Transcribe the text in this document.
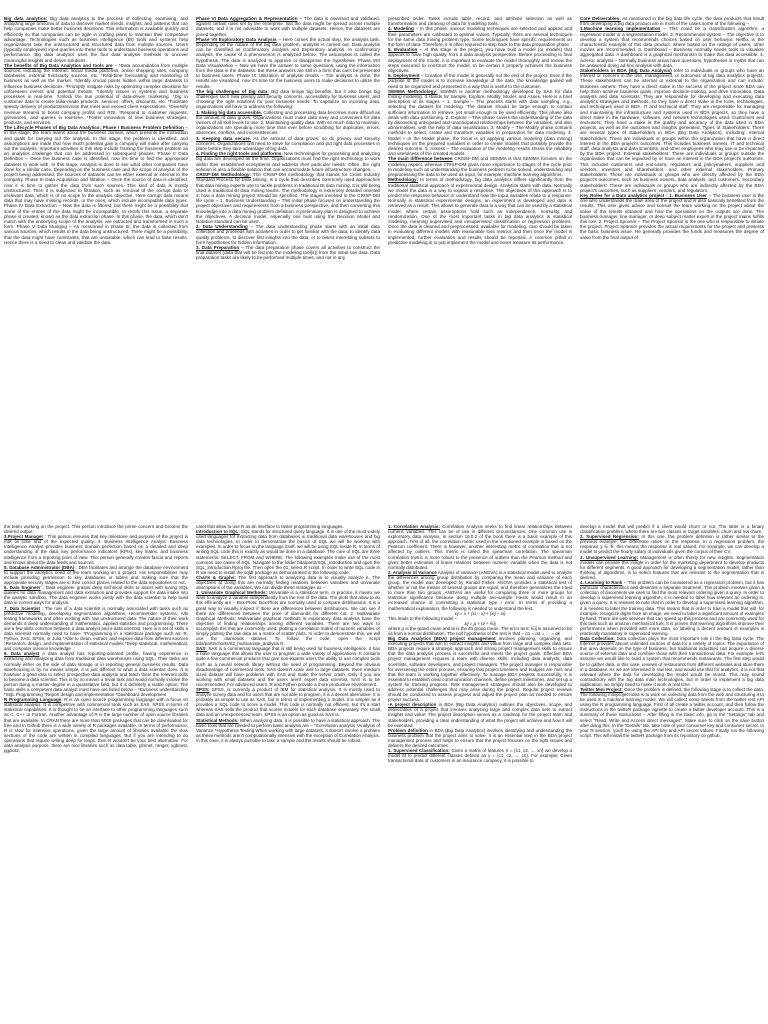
Big data analytics: Big data analytics is the process of collecting, examining, and analyzing large amounts of data to discover market trends, insights, and patterns that can help companies make better business decisions. This information is available quickly and efficiently so that companies can be agile in crafting plans to maintain their competitive advantage. Technologies such as business intelligence (BI) tools and systems help organizations take the unstructured and structured data from multiple sources. Users (typically employees) input queries into these tools to understand business operations and performance. Big data analytics uses the four data analysis methods to uncover meaningful insights and derive solutions.

The benefits of Big Data Analytics and tools are – *Data accumulation from multiple sources, including the Internet, social media platforms, online shopping sites, company databases, external third-party sources, etc. *Real-time forecasting and monitoring of business as well as the market. *Identify crucial points hidden within large datasets to influence business decisions. *Promptly mitigate risks by optimizing complex decisions for unforeseen events and potential threats. *Identify issues in systems and business processes in real-time. *Unlock the true potential of data-driven marketing. *Dig in customer data to create tailor-made products, services, offers, discounts, etc. *Facilitate speedy delivery of products/services that meet and exceed client expectations. *Diversify revenue streams to boost company profits and ROI. *Respond to customer requests, grievances, and queries in real-time. *Foster innovation of new business strategies, products, and services.

The Lifecycle Phases of Big Data Analytics: Phase I Business Problem Definition – In this stage, the team learns about the business domain, which presents the motivation and goals for carrying out the analysis. In this stage, the problem is identified, and assumptions are made that how much potential gain a company will make after carrying out the analysis. Important activities in this step include framing the business problem as an analytics challenge that can be addressed in subsequent phases. Phase II Data Definition – Once the business case is identified, now it's time to find the appropriate datasets to work with. In this stage, analysis is done to see what other companies have done for a similar case. Depending on the business case and the scope of analysis of the project being addressed, the sources of datasets can be either external or internal to the company. Phase III Data Acquisition and filtration – Once the source of data is identified, now it is time to gather the data from such sources. This kind of data is mostly unstructured. Then it is subjected to filtration, such as removal of the corrupt data or irrelevant data, which is of no scope to the analysis objective. Here corrupt data means data that may have missing records, or the ones, which include incompatible data types. Phase IV Data Extraction – Now the data is filtered, but there might be a possibility that some of the entries of the data might be incompatible, to rectify this issue, a separate phase is created, known as the data extraction phase. In this phase, the data, which don't match with the underlying scope of the analysis, are extracted and transformed in such a form. Phase V Data Munging – As mentioned in phase III, the data is collected from various sources, which results in the data being unstructured. There might be a possibility, that the data might have constraints, that are unsuitable, which can lead to false results. Hence there is a need to clean and validate the data.

Phase VI Data Aggregation & Representation – The data is cleansed and validated, against certain rules set by the enterprise. But the data might be spread across multiple datasets, and it is not advisable to work with multiple datasets. Hence, the datasets are joined together.

Phase VII Exploratory Data Analysis – Here comes the actual step, the analysis task. Depending on the nature of the big data problem, analysis is carried out. Data analysis can be classified as Confirmatory analysis and Exploratory analysis. In confirmatory analysis, the cause of a phenomenon is analyzed before. The assumption is called the hypothesis. The data is analyzed to approve or disapprove the hypothesis. Phase VIII Data Visualization – Now we have the answer to some questions, using the information from the data in the datasets. But these answers are still in a form that can't be presented to business users. Phase IX Utilization of analysis results – The analysis is done, the results are visualized, now it's time for the business users to make decisions to utilize the results.

The big challenges of big data: Big data brings big benefits, but it also brings big challenges such new privacy and security concerns, accessibility for business users, and choosing the right solutions for your business needs. To capitalize on incoming data, organizations will have to address the following:

1. Making big data accessible. Collecting and processing data becomes more difficult as the amount of data grows. Organizations must make data easy and convenient for data owners of all skill levels to use. 2. Maintaining quality data. With so much data to maintain, organizations are spending more time than ever before scrubbing for duplicates, errors, absences, conflicts, and inconsistencies.

3. Keeping data secure. As the amount of data grows, so do privacy and security concerns. Organizations will need to strive for compliance and put tight data processes in place before they take advantage of big data.

4. Finding the right tools and platforms. New technologies for processing and analyzing big data are developed all the time. Organizations must find the right technology to work within their established ecosystems and address their particular needs. Often, the right solution is also a flexible solution that can accommodate future infrastructure changes.

CRISP-DM Methodology: The CRISP-DM methodology that stands for Cross Industry Standard Process for Data Mining, is a cycle that describes commonly used approaches that data mining experts use to tackle problems in traditional BI data mining. It is still being used in traditional BI data mining teams. The methodology is extremely detailed oriented in how a data mining project should be specified. The stages involved in the CRISP-DM life cycle – 1. Business Understanding – This initial phase focuses on understanding the project objectives and requirements from a business perspective, and then converting this knowledge into a data mining problem definition. A preliminary plan is designed to achieve the objectives. A decision model, especially one built using the Decision Model and Notation standard can be used.

2. Data Understanding – The data understanding phase starts with an initial data collection and proceeds with activities in order to get familiar with the data, to identify data quality problems, to discover first insights into the data, or to detect interesting subsets to form hypotheses for hidden information.

3. Data Preparation – The data preparation phase covers all activities to construct the final dataset (data that will be fed into the modeling tool(s)) from the initial raw data. Data preparation tasks are likely to be performed multiple times, and not in any

prescribed order. Tasks include table, record, and attribute selection as well as transformation and cleaning of data for modeling tools.

4. Modeling – In this phase, various modeling techniques are selected and applied and their parameters are calibrated to optimal values. Typically, there are several techniques for the same data mining problem type. Some techniques have specific requirements on the form of data. Therefore, it is often required to step back to the data preparation phase.

5. Evaluation – At this stage in the project, you have built a model (or models) that appears to have high quality, from a data analysis perspective. Before proceeding to final deployment of the model, it is important to evaluate the model thoroughly and review the steps executed to construct the model, to be certain it properly achieves the business objectives.

6. Deployment – Creation of the model is generally not the end of the project. Even if the purpose of the model is to increase knowledge of the data, the knowledge gained will need to be organized and presented in a way that is useful to the customer.

SEMMA Methodology: SEMMA is another methodology developed by SAS for data mining modeling. It stands for Sample, Explore, Modify, Model, and Asses. Here is a brief description of its stages – 1. Sample – The process starts with data sampling, e.g., selecting the dataset for modeling. The dataset should be large enough to contain sufficient information to retrieve, yet small enough to be used efficiently. This phase also deals with data partitioning. 2. Explore – This phase covers the understanding of the data by discovering anticipated and unanticipated relationships between the variables, and also abnormalities, with the help of data visualization. 3. Modify – The Modify phase contains methods to select, create and transform variables in preparation for data modeling. 4. Model – In the Model phase, the focus is on applying various modeling (data mining) techniques on the prepared variables in order to create models that possibly provide the desired outcome. 5. Assess – The evaluation of the modeling results shows the reliability and usefulness of the created models.

The main difference between CRISM–DM and SEMMA is that SEMMA focuses on the modeling aspect, whereas CRISP-DM gives more importance to stages of the cycle prior to modeling such as understanding the business problem to be solved, understanding and preprocessing the data to be used as input, for example, machine learning algorithms.

Methodology: In terms of methodology, big data analytics differs significantly from the traditional statistical approach of experimental design. Analytics starts with data. Normally we model the data in a way to explain a response. The objectives of this approach is to predict the response behavior or understand how the input variables relate to a response. Normally in statistical experimental designs, an experiment is developed and data is retrieved as a result. This allows to generate data in a way that can be used by a statistical model, where certain assumptions hold such as independence, normality, and randomization. One of the most important tasks in big data analytics is statistical modeling, meaning supervised and unsupervised classification or regression problems. Once the data is cleaned and preprocessed, available for modeling, care should be taken in evaluating different models with reasonable loss metrics and then once the model is implemented, further evaluation and results should be reported. A common pitfall in predictive modeling is to just implement the model and never measure its performance.

Core Deliverables: As mentioned in the big data life cycle, the data products that result from developing a big data product are in most of the cases some of the following –

1.Machine learning implementation – This could be a classification algorithm, a regression model or a segmentation model. 2. Recommender system – The objective is to develop a system that recommends choices based on user behavior. Netflix is the characteristic example of this data product, where based on the ratings of users, other movies are recommended. 3. Dashboard – Business normally needs tools to visualize aggregated data. A dashboard is a graphical mechanism to make this data accessible. 4. Ad-Hoc analysis – Normally business areas have questions, hypotheses or myths that can be answered doing ad-hoc analysis with data.

Stakeholders in BDA (Big Data Analysis) refer to individuals or groups who have an interest or concern in the use, management, or outcomes of big data analytics projects. These stakeholders can be internal or external to the organization and can include: Business owners: They have a direct stake in the success of the project since BDA can help them achieve business goals, improve decision-making, and drive innovation. Data analysts and data scientists: They are responsible for developing and executing data analytics strategies and methods, so they have a direct stake in the tools, technologies, and techniques used in BDA. IT and technical staff: They are responsible for managing and maintaining the infrastructure and systems used in BDA projects, so they have a direct stake in the hardware, software, and network technologies used. Customers and end-users: They have a stake in the quality and accuracy of the data used in BDA projects, as well as the outcomes and insights generated. Types of Stakeholders: There are several types of stakeholders in BDA (Big Data Analytics), including: Internal stakeholders: These are individuals or groups within the organization that have a direct interest in the BDA project's outcomes. This includes business owners, IT and technical staff, data analysts and data scientists, and other employees who may use or be impacted by the BDA project. External stakeholders: These are individuals or groups outside the organization that can be impacted by or have an interest in the BDA project's outcomes. This includes customers and end-users, regulators and policymakers, suppliers and vendors, investors and shareholders, and other external stakeholders. Primary stakeholders: These are individuals or groups who are directly affected by the BDA project's outcomes, such as business owners, data analysts, and customers. Secondary stakeholders: These are individuals or groups who are indirectly affected by the BDA project's outcomes, such as suppliers, vendors, and regulators.

Key Roles for a Data analytics project : 1. Business User – The business user is the one who understands the main area of the project and is also basically benefited from the results. This user gives advice and consult the team working on the project about the value of the results obtained and how the operations on the outputs are done. The business manager, line manager, or deep subject matter expert in the project mains fulfills this role. 2. Project Sponsor – The Project Sponsor is the one who is responsible to initiate the project. Project Sponsor provides the actual requirements for the project and presents the basic business issue. He generally provides the funds and measures the degree of value from the final output of

the team working on the project. This person introduce the prime concern and brooms the desired output.

3.Project Manager : This person ensures that key milestone and purpose of the project is met on time and of the expected quality. 4. Business Intelligence Analyst: Business Intelligence Analyst provides business domain perfection based on a detailed and deep understanding of the data, key performance indicators (KPIs), key matrix, and business intelligence from a reporting point of view. This person generally creates fascia and reports and knows about the data feeds and sources.

5. Database Administrator (DBA) : DBA facilitates and arrange the database environment to support the analytics need of the team working on a project. His responsibilities may include providing permission to key databases or tables and making sure that the appropriate security stages are in their correct places related to the data repositories or not.

6. Data Engineer : Data engineer grasps deep technical skills to assist with tuning SQL queries for data management and data extraction and provides support for data intake into the analytic sandbox. The data engineer works jointly with the data scientist to help build data in correct ways for analysis.

7. Data Scientist : The role of a data scientist is normally associated with tasks such as predictive modeling, developing segmentation algorithms, recommender systems, A/B testing frameworks and often working with raw unstructured data. The nature of their work demands a deep understanding of mathematics, applied statistics and programming. There are a few skills common between a data analyst and a data scientist. Here is a set of skills a data scientist normally need to have- *Programming in a statistical package such as: R, Python, SAS, SPSS, or Julia *Able to clean, extract, and explore data from different sources *Research, design, and implementation of statistical models *Deep statistical, mathematical, and computer science knowledge

8. Data analyst A data analyst has reporting-oriented profile, having experience in extracting and analyzing data from traditional data warehouses using SQL. Their tasks are normally either on the side of data storage or in reporting general business results. Data warehousing is by no means simple, it is just different to what a data scientist does. It is however a good idea to select prospective data analysts and teach them the relevant skills to become a data scientist. This is by no means a trivial task and would normally involve the person doing a master degree in a quantitative field, but it is definitely a viable option. The basic skills a competent data analyst must have are listed below − *Business understanding *SQL Programming *Report design and implementation *Dashboard development

R Programming Language: R is an open source programming language with a focus on statistical analysis. It is competitive with commercial tools such as SAS, SPSS in terms of statistical capabilities. It is thought to be an interface to other programming languages such as C, C++ or Fortran. Another advantage of R is the large number of open source libraries that are available. In CRAN there are more than 6000 packages that can be downloaded for free and in Github there is a wide variety of R packages available. In terms of performance, R is slow for intensive operations, given the large amount of libraries available the slow sections of the code are written in compiled languages. But if you are intending to do operations that require writing deep for loops, then R wouldn't be your best alternative. For data analysis purpose, there are nice libraries such as data.table, glmnet, ranger, xgboost, ggplot2,

caret that allow to use R as an interface to faster programming languages.

Introduction to SQL: SQL stands for structured query language. It is one of the most widely used languages for extracting data from databases in traditional data warehouses and big data technologies. In order to demonstrate the basics of SQL we will be working with examples. In order to focus on the language itself, we will be using SQL inside R. In terms of writing SQL code this is exactly as would be done in a database. The core of SQL are three statements: SELECT, FROM and WHERE. The following examples make use of the most common use cases of SQL. Navigate to the folder bda/part2/SQL_introduction and open the SQL_introduction.Rproj file. Then open the 01_select.R script. In order to write SQL code in R we need to install the sqldf package as demonstrated in the following code.

Charts & Graphs: The first approach to analyzing data is to visually analyze it. The objectives at doing this are normally finding relations between variables and univariate descriptions of the variables. We can divide these strategies as −

1. Univariate Graphical Methods: Univariate is a statistical term. In practice, it means we want to analyze a variable independently from the rest of the data. The plots that allow to do this efficiently are − Box-Plots: Box-Plots are normally used to compare distributions. It is a great way to visually inspect if there are differences between distributions. We can see if there are differences between the price of diamonds for different cut. 2. Multivariate Graphical Methods: Multivariate graphical methods in exploratory data analysis have the objective of finding relationships among different variables. There are two ways to accomplish this that are commonly used: plotting a correlation matrix of numeric variables or simply plotting the raw data as a matrix of scatter plots. In order to demonstrate this, we will use the diamonds dataset. To follow the code, open the script bda/part2/charts/03_multivariate_analysis.R.

SAS: SAS is a commercial language that is still being used for business intelligence. It has a base language that allows the user to program a wide variety of applications. It contains quite a few commercial products that give non-experts users the ability to use complex tools such as a neural network library without the need of programming. Beyond the obvious disadvantage of commercial tools, SAS doesn't scale well to large datasets. Even medium sized dataset will have problems with SAS and make the server crash. Only if you are working with small datasets and the users aren't expert data scientist, SAS is to be recommended. For advanced users, R and Python provide a more productive environment.

SPSS: SPSS, is currently a product of IBM for statistical analysis. It is mostly used to analyze survey data and for users that are not able to program, it is a decent alternative. It is probably as simple to use as SAS, but in terms of implementing a model, it is simpler as it provides a SQL code to score a model. This code is normally not efficient, but it's a start whereas SAS sells the product that scores models for each database separately. For small data and an unexperienced team, SPSS is an option as good as SAS is.

Statistical Methods: When analyzing data, it is possible to have a statistical approach. The basic tools that are needed to perform basic analysis are − *Correlation analysis *Analysis of Variance *Hypothesis Testing When working with large datasets, it doesn't involve a problem as these methods aren't computationally intensive with the exception of Correlation Analysis. In this case, it is always possible to take a sample and the results should be robust.

1. Correlation Analysis: Correlation Analysis seeks to find linear relationships between numeric variables. This can be of use in different circumstances. One common use is exploratory data analysis, in section 16.0.2 of the book there is a basic example of this approach. First of all, the correlation metric used in the mentioned example is based on the Pearson coefficient. There is however, another interesting metric of correlation that is not affected by outliers. This metric is called the spearman correlation. The spearman correlation metric is more robust to the presence of outliers than the Pearson method and gives better estimates of linear relations between numeric variable when the data is not normally distributed.

2. Analysis of Variance Analysis of variance (ANOVA) is a statistical model used to analyze the differences among group distribution by comparing the mean and variance of each group, the model was developed by Ronald Fisher. ANOVA provides a statistical test of whether or not the means of several groups are equal, and therefore generalizes the t-test to more than two groups. ANOVAs are useful for comparing three or more groups for statistical significance because doing multiple two-sample t-tests would result in an increased chance of committing a statistical type I error. In terms of providing a mathematical explanation, the following is needed to understand the test.

xij = x + (xi − x) + (xij − xi)

This leads to the following model −

xij = μ + αi + ∈ij

where μ is the grand mean and αi is the ith group mean. The error term ∈ij is assumed to be iid from a normal distribution. The null hypothesis of the test is that − α1 = α2 = … = αk

Big Data Analytics (BDA) project management involves planning, organizing, and executing projects that aim to extract insights and value from large and complex data sets. BDA projects require a strategic approach and strong project management skills to ensure that the data analysis process is successful and meets the project goals. Effective BDA project management requires a team with diverse skills, including data analysts, data scientists, software developers, and project managers. The project manager is responsible for overseeing the entire process, ensuring that project timelines and budgets are met, and that the team is working together effectively. To manage BDA projects successfully, it is essential to establish clear communication channels, define project milestones, and set up a system for tracking progress. Risk management strategies should also be developed to address potential challenges that may arise during the project. Regular project reviews should be conducted to assess progress and adjust the project plan as needed to ensure project success.

-A project description in BDA (Big Data Analytics) outlines the objectives, scope, and deliverables of a project that involves analyzing large and complex data sets to extract insights and value. The project description serves as a roadmap for the project team and stakeholders, providing a clear understanding of what the project will achieve and how it will be executed.

Problem definition in BDA (Big Data Analytics) involves identifying and understanding the business problem that the project aims to solve. It is an essential step in the BDA project management process and helps to ensure that the project focuses on the right issues and delivers the desired outcomes.

1. Supervised Classification: Given a matrix of features X = {x1, x2, ..., xn} we develop a model M to predict different classes defined as y = {c1, c2, ..., cn}. For example: Given transactional data of customers in an insurance company, it is possible to

develop a model that will predict if a client would churn or not. The latter is a binary classification problem, where there are two classes or target variables: churn and not churn.

2. Supervised Regression: In this one, the problem definition is rather similar to the previous example; the difference relies on the response. In a regression problem, the response y ∈ ℜ, this means the response is real valued. For example, we can develop a model to predict the hourly salary of individuals given the corpus of their CV.

3. Unsupervised Learning: Management is often thirsty for new insights. Segmentation models can provide this insight in order for the marketing department to develop products for different segments. A good approach for developing a segmentation model, rather than thinking of algorithms, is to select features that are relevant to the segmentation that is desired.

4. Learning to Rank − This problem can be considered as a regression problem, but it has particular characteristics and deserves a separate treatment. The problem involves given a collection of documents we seek to find the most relevant ordering given a query. In order to develop a supervised learning algorithm, it is needed to label how relevant an ordering is, given a query. It is relevant to note that in order to develop a supervised learning algorithm, it is needed to label the training data. This means that in order to train a model that will, for example, recognize digits from an image, we need to label a significant amount of examples by hand. There are web services that can speed up this process and are commonly used for this task such as amazon mechanical turk. It is proven that learning algorithms improve their performance when provided with more data, so labeling a decent amount of examples is practically mandatory in supervised learning.

Data Collection: Data collection plays the most important role in the Big Data cycle. The Internet provides almost unlimited sources of data for a variety of topics. The importance of this area depends on the type of business, but traditional industries can acquire a diverse source of external data and combine those with their transactional data. For example, let's assume we would like to build a system that recommends restaurants. The first step would be to gather data, in this case, reviews of restaurants from different websites and store them in a database. As we are interested in raw text, and would use that for analytics, it is not that relevant where the data for developing the model would be stored. This may sound contradictory with the big data main technologies, but in order to implement a big data application, we simply need to make it work in real time.

Twitter Mini Project: Once the problem is defined, the following stage is to collect the data. The following miniproject idea is to work on collecting data from the web and structuring it to be used in a machine learning model. We will collect some tweets from the twitter rest API using the R programming language. First of all create a twitter account, and then follow the instructions in the twitteR package vignette to create a twitter developer account. This is a summary of those instructions − After filling in the basic info, go to the "Settings" tab and select "Read, Write and Access direct messages". Make sure to click on the save button after doing this. In the "Details" tab, take note of your consumer key and consumer secret. In your R session, you'll be using the API key and API secret values. Finally run the following script. This will install the twitteR package from its repository on github.
